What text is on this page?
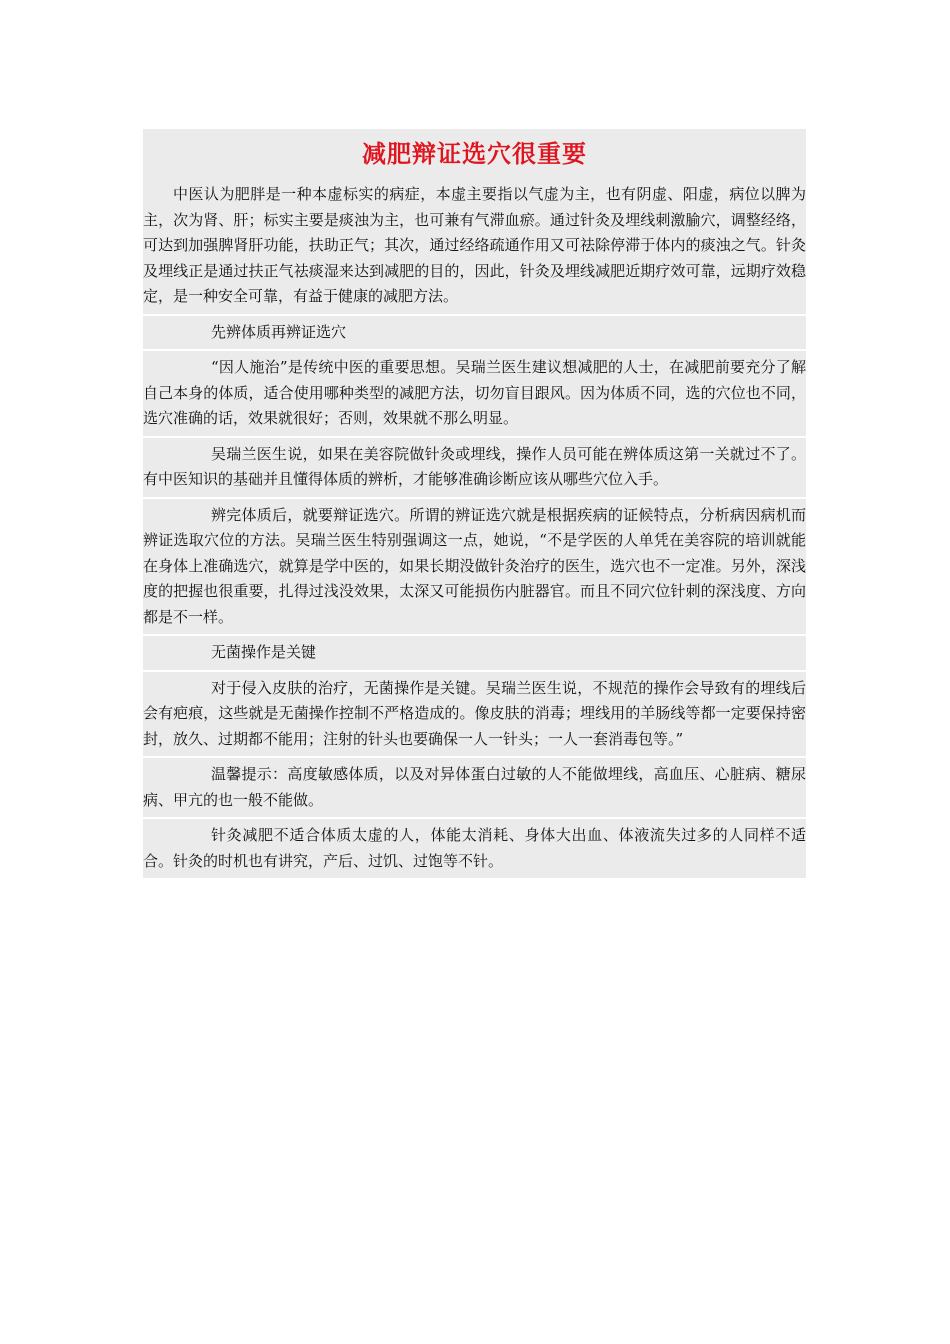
减肥辩证选穴很重要

中医认为肥胖是一种本虚标实的病症，本虚主要指以气虚为主，也有阴虚、阳虚，病位以脾为主，次为肾、肝；标实主要是痰浊为主，也可兼有气滞血瘀。通过针灸及埋线刺激腧穴，调整经络，可达到加强脾肾肝功能，扶助正气；其次，通过经络疏通作用又可祛除停滞于体内的痰浊之气。针灸及埋线正是通过扶正气祛痰湿来达到减肥的目的，因此，针灸及埋线减肥近期疗效可靠，远期疗效稳定，是一种安全可靠，有益于健康的减肥方法。

先辨体质再辨证选穴

“因人施治”是传统中医的重要思想。吴瑞兰医生建议想减肥的人士，在减肥前要充分了解自己本身的体质，适合使用哪种类型的减肥方法，切勿盲目跟风。因为体质不同，选的穴位也不同，选穴准确的话，效果就很好；否则，效果就不那么明显。

吴瑞兰医生说，如果在美容院做针灸或埋线，操作人员可能在辨体质这第一关就过不了。有中医知识的基础并且懂得体质的辨析，才能够准确诊断应该从哪些穴位入手。

辨完体质后，就要辩证选穴。所谓的辨证选穴就是根据疾病的证候特点，分析病因病机而辨证选取穴位的方法。吴瑞兰医生特别强调这一点，她说，“不是学医的人单凭在美容院的培训就能在身体上准确选穴，就算是学中医的，如果长期没做针灸治疗的医生，选穴也不一定准。另外，深浅度的把握也很重要，扎得过浅没效果，太深又可能损伤内脏器官。而且不同穴位针刺的深浅度、方向都是不一样。

无菌操作是关键

对于侵入皮肤的治疗，无菌操作是关键。吴瑞兰医生说，不规范的操作会导致有的埋线后会有疤痕，这些就是无菌操作控制不严格造成的。像皮肤的消毒；埋线用的羊肠线等都一定要保持密封，放久、过期都不能用；注射的针头也要确保一人一针头；一人一套消毒包等。”

温馨提示：高度敏感体质，以及对异体蛋白过敏的人不能做埋线，高血压、心脏病、糖尿病、甲亢的也一般不能做。

针灸减肥不适合体质太虚的人，体能太消耗、身体大出血、体液流失过多的人同样不适合。针灸的时机也有讲究，产后、过饥、过饱等不针。
